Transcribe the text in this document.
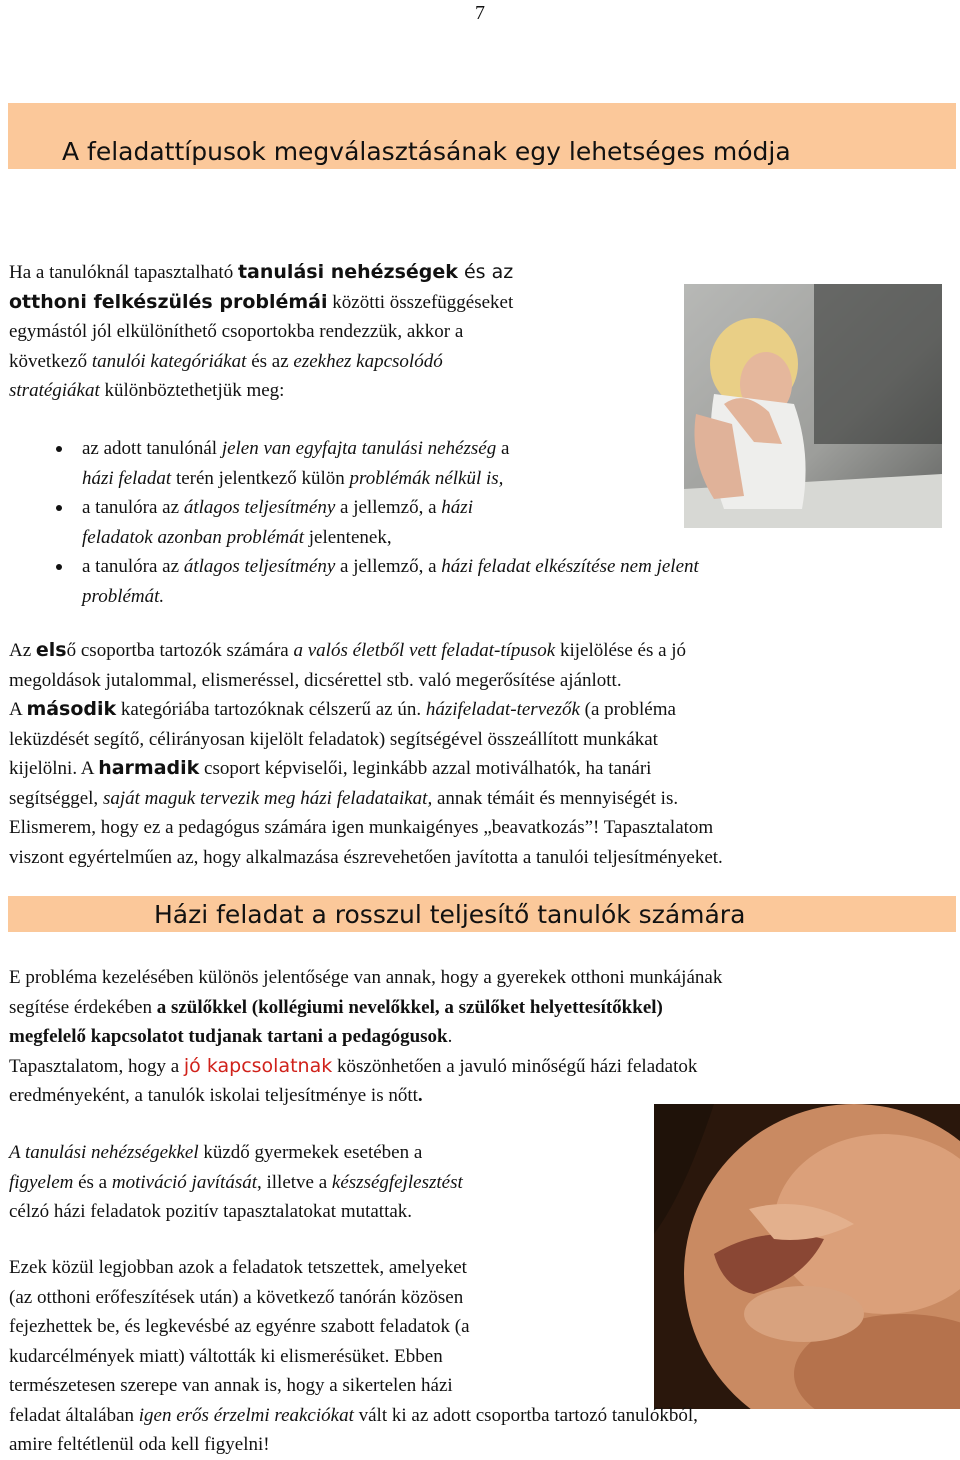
7
A feladattípusok megválasztásának egy lehetséges módja

Ha a tanulóknál tapasztalható tanulási nehézségek és az
otthoni felkészülés problémái közötti összefüggéseket
egymástól jól elkülöníthető csoportokba rendezzük, akkor a
következő tanulói kategóriákat és az ezekhez kapcsolódó
stratégiákat különböztethetjük meg:

az adott tanulónál jelen van egyfajta tanulási nehézség a
házi feladat terén jelentkező külön problémák nélkül is,
a tanulóra az átlagos teljesítmény a jellemző, a házi
feladatok azonban problémát jelentenek,
a tanulóra az átlagos teljesítmény a jellemző, a házi feladat elkészítése nem jelent
problémát.

Az első csoportba tartozók számára a valós életből vett feladat-típusok kijelölése és a jó
megoldások jutalommal, elismeréssel, dicsérettel stb. való megerősítése ajánlott.
A második kategóriába tartozóknak célszerű az ún. házifeladat-tervezők (a probléma
leküzdését segítő, célirányosan kijelölt feladatok) segítségével összeállított munkákat
kijelölni. A harmadik csoport képviselői, leginkább azzal motiválhatók, ha tanári
segítséggel, saját maguk tervezik meg házi feladataikat, annak témáit és mennyiségét is.
Elismerem, hogy ez a pedagógus számára igen munkaigényes „beavatkozás”! Tapasztalatom
viszont egyértelműen az, hogy alkalmazása észrevehetően javította a tanulói teljesítményeket.

Házi feladat a rosszul teljesítő tanulók számára

E probléma kezelésében különös jelentősége van annak, hogy a gyerekek otthoni munkájának
segítése érdekében a szülőkkel (kollégiumi nevelőkkel, a szülőket helyettesítőkkel)
megfelelő kapcsolatot tudjanak tartani a pedagógusok.
Tapasztalatom, hogy a jó kapcsolatnak köszönhetően a javuló minőségű házi feladatok
eredményeként, a tanulók iskolai teljesítménye is nőtt.

A tanulási nehézségekkel küzdő gyermekek esetében a
figyelem és a motiváció javítását, illetve a készségfejlesztést
célzó házi feladatok pozitív tapasztalatokat mutattak.

Ezek közül legjobban azok a feladatok tetszettek, amelyeket
(az otthoni erőfeszítések után) a következő tanórán közösen
fejezhettek be, és legkevésbé az egyénre szabott feladatok (a
kudarcélmények miatt) váltották ki elismerésüket. Ebben
természetesen szerepe van annak is, hogy a sikertelen házi
feladat általában igen erős érzelmi reakciókat vált ki az adott csoportba tartozó tanulókból,
amire feltétlenül oda kell figyelni!
